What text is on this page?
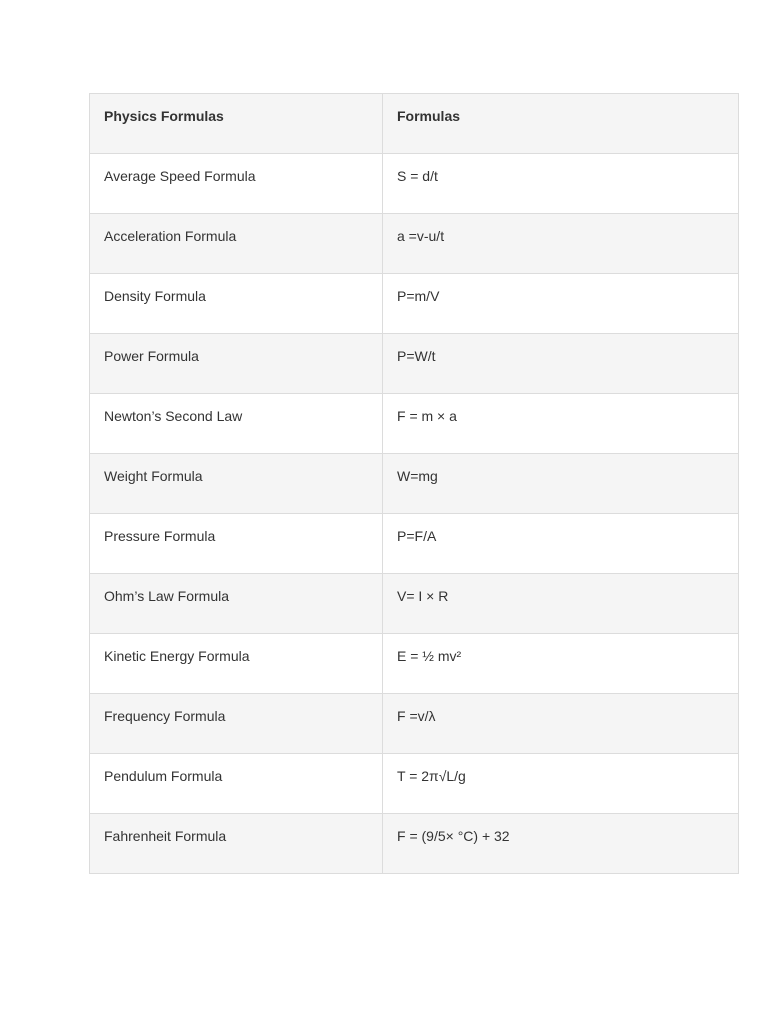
Physics Formulas	Formulas
Average Speed Formula	S = d/t
Acceleration Formula	a =v-u/t
Density Formula	P=m/V
Power Formula	P=W/t
Newton’s Second Law	F = m × a
Weight Formula	W=mg
Pressure Formula	P=F/A
Ohm’s Law Formula	V= I × R
Kinetic Energy Formula	E = ½ mv²
Frequency Formula	F =v/λ
Pendulum Formula	T = 2π√L/g
Fahrenheit Formula	F = (9/5× °C) + 32
